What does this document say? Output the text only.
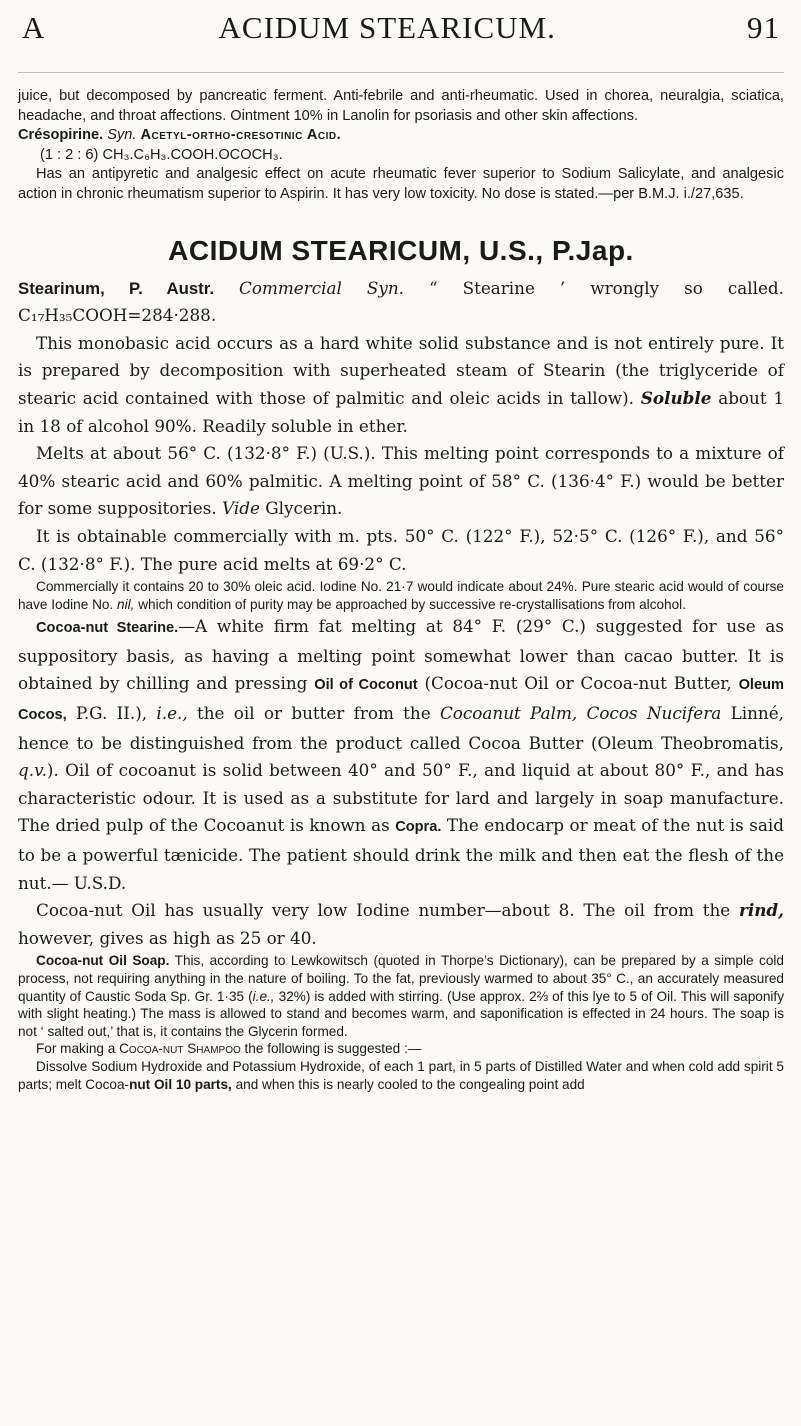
A	ACIDUM STEARICUM.	91

juice, but decomposed by pancreatic ferment. Anti-febrile and anti-rheumatic. Used in chorea, neuralgia, sciatica, headache, and throat affections. Ointment 10% in Lanolin for psoriasis and other skin affections.

Crésopirine. Syn. Acetyl-ortho-cresotinic Acid.

(1 : 2 : 6) CH₃.C₆H₃.COOH.OCOCH₃.

Has an antipyretic and analgesic effect on acute rheumatic fever superior to Sodium Salicylate, and analgesic action in chronic rheumatism superior to Aspirin. It has very low toxicity. No dose is stated.—per B.M.J. i./27,635.

ACIDUM STEARICUM, U.S., P.Jap.

Stearinum, P. Austr. Commercial Syn. “ Stearine ’ wrongly so called. C₁₇H₃₅COOH=284·288.

This monobasic acid occurs as a hard white solid substance and is not entirely pure. It is prepared by decomposition with superheated steam of Stearin (the triglyceride of stearic acid contained with those of palmitic and oleic acids in tallow). Soluble about 1 in 18 of alcohol 90%. Readily soluble in ether.

Melts at about 56° C. (132·8° F.) (U.S.). This melting point corresponds to a mixture of 40% stearic acid and 60% palmitic. A melting point of 58° C. (136·4° F.) would be better for some suppositories. Vide Glycerin.

It is obtainable commercially with m. pts. 50° C. (122° F.), 52·5° C. (126° F.), and 56° C. (132·8° F.). The pure acid melts at 69·2° C.

Commercially it contains 20 to 30% oleic acid. Iodine No. 21·7 would indicate about 24%. Pure stearic acid would of course have Iodine No. nil, which condition of purity may be approached by successive re-crystallisations from alcohol.

Cocoa-nut Stearine.—A white firm fat melting at 84° F. (29° C.) suggested for use as suppository basis, as having a melting point somewhat lower than cacao butter. It is obtained by chilling and pressing Oil of Coconut (Cocoa-nut Oil or Cocoa-nut Butter, Oleum Cocos, P.G. II.), i.e., the oil or butter from the Cocoanut Palm, Cocos Nucifera Linné, hence to be distinguished from the product called Cocoa Butter (Oleum Theobromatis, q.v.). Oil of cocoanut is solid between 40° and 50° F., and liquid at about 80° F., and has characteristic odour. It is used as a substitute for lard and largely in soap manufacture. The dried pulp of the Cocoanut is known as Copra. The endocarp or meat of the nut is said to be a powerful tænicide. The patient should drink the milk and then eat the flesh of the nut.— U.S.D.

Cocoa-nut Oil has usually very low Iodine number—about 8. The oil from the rind, however, gives as high as 25 or 40.

Cocoa-nut Oil Soap. This, according to Lewkowitsch (quoted in Thorpe’s Dictionary), can be prepared by a simple cold process, not requiring anything in the nature of boiling. To the fat, previously warmed to about 35° C., an accurately measured quantity of Caustic Soda Sp. Gr. 1·35 (i.e., 32%) is added with stirring. (Use approx. 2⅔ of this lye to 5 of Oil. This will saponify with slight heating.) The mass is allowed to stand and becomes warm, and saponification is effected in 24 hours. The soap is not ‘ salted out,’ that is, it contains the Glycerin formed.

For making a Cocoa-nut Shampoo the following is suggested :—

Dissolve Sodium Hydroxide and Potassium Hydroxide, of each 1 part, in 5 parts of Distilled Water and when cold add spirit 5 parts; melt Cocoa-nut Oil 10 parts, and when this is nearly cooled to the congealing point add
